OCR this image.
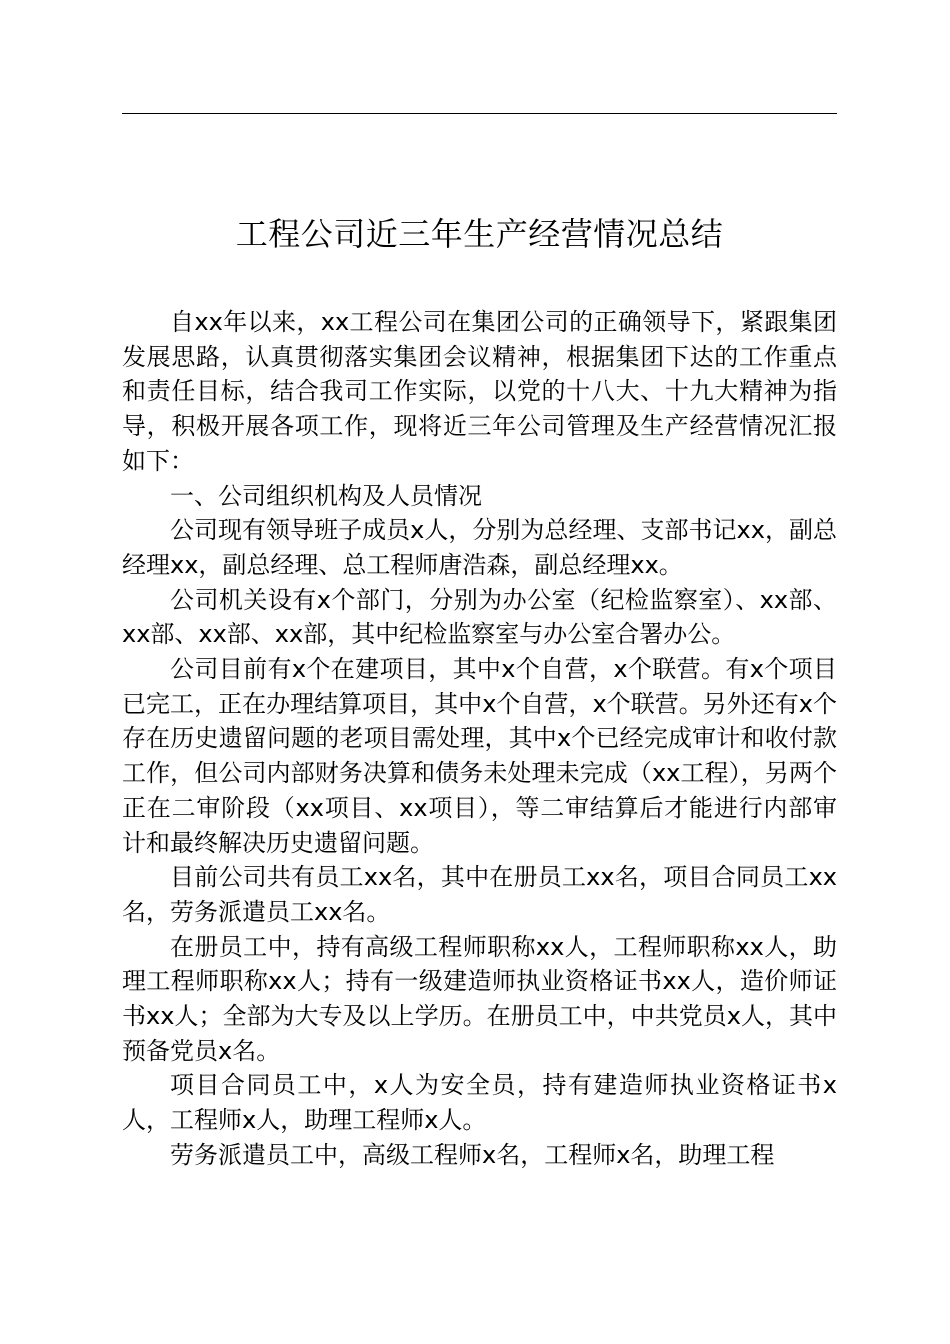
工程公司近三年生产经营情况总结

自xx年以来，xx工程公司在集团公司的正确领导下，紧跟集团发展思路，认真贯彻落实集团会议精神，根据集团下达的工作重点和责任目标，结合我司工作实际，以党的十八大、十九大精神为指导，积极开展各项工作，现将近三年公司管理及生产经营情况汇报如下：

一、公司组织机构及人员情况

公司现有领导班子成员x人，分别为总经理、支部书记xx，副总经理xx，副总经理、总工程师唐浩森，副总经理xx。

公司机关设有x个部门，分别为办公室（纪检监察室）、xx部、xx部、xx部、xx部，其中纪检监察室与办公室合署办公。

公司目前有x个在建项目，其中x个自营，x个联营。有x个项目已完工，正在办理结算项目，其中x个自营，x个联营。另外还有x个存在历史遗留问题的老项目需处理，其中x个已经完成审计和收付款工作，但公司内部财务决算和债务未处理未完成（xx工程），另两个正在二审阶段（xx项目、xx项目），等二审结算后才能进行内部审计和最终解决历史遗留问题。

目前公司共有员工xx名，其中在册员工xx名，项目合同员工xx名，劳务派遣员工xx名。

在册员工中，持有高级工程师职称xx人，工程师职称xx人，助理工程师职称xx人；持有一级建造师执业资格证书xx人，造价师证书xx人；全部为大专及以上学历。在册员工中，中共党员x人，其中预备党员x名。

项目合同员工中，x人为安全员，持有建造师执业资格证书x人，工程师x人，助理工程师x人。

劳务派遣员工中，高级工程师x名，工程师x名，助理工程
